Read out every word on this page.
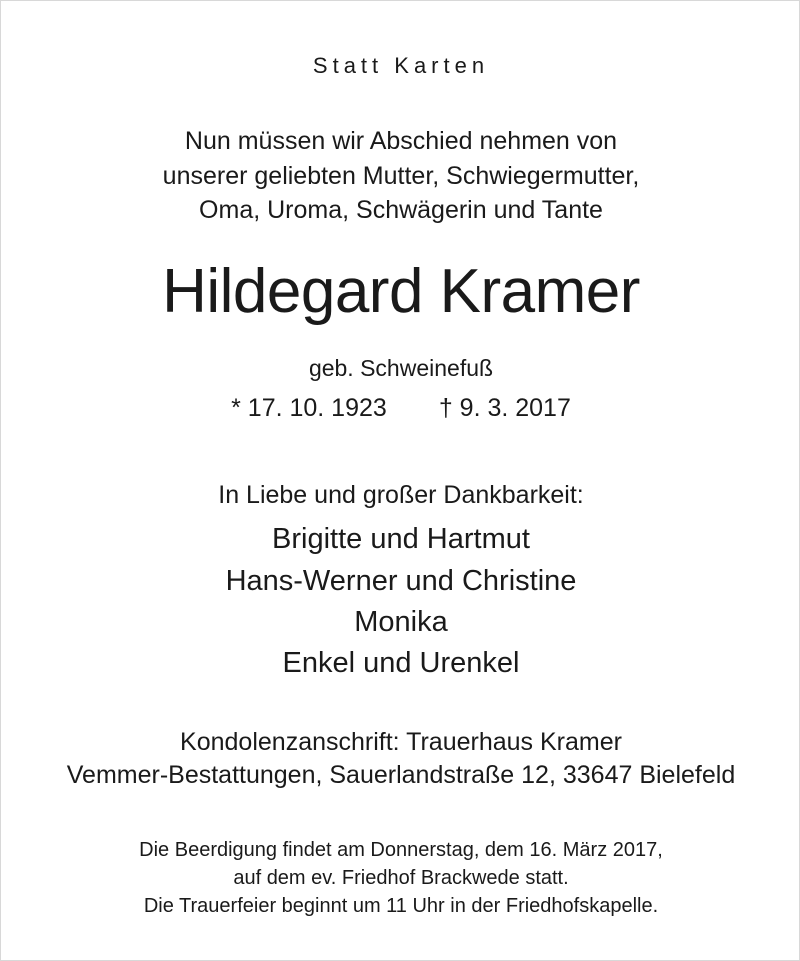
Statt Karten

Nun müssen wir Abschied nehmen von

unserer geliebten Mutter, Schwiegermutter,

Oma, Uroma, Schwägerin und Tante

Hildegard Kramer

geb. Schweinefuß

* 17. 10. 1923 † 9. 3. 2017

In Liebe und großer Dankbarkeit:

Brigitte und Hartmut

Hans-Werner und Christine

Monika

Enkel und Urenkel

Kondolenzanschrift: Trauerhaus Kramer

Vemmer-Bestattungen, Sauerlandstraße 12, 33647 Bielefeld

Die Beerdigung findet am Donnerstag, dem 16. März 2017,

auf dem ev. Friedhof Brackwede statt.

Die Trauerfeier beginnt um 11 Uhr in der Friedhofskapelle.
